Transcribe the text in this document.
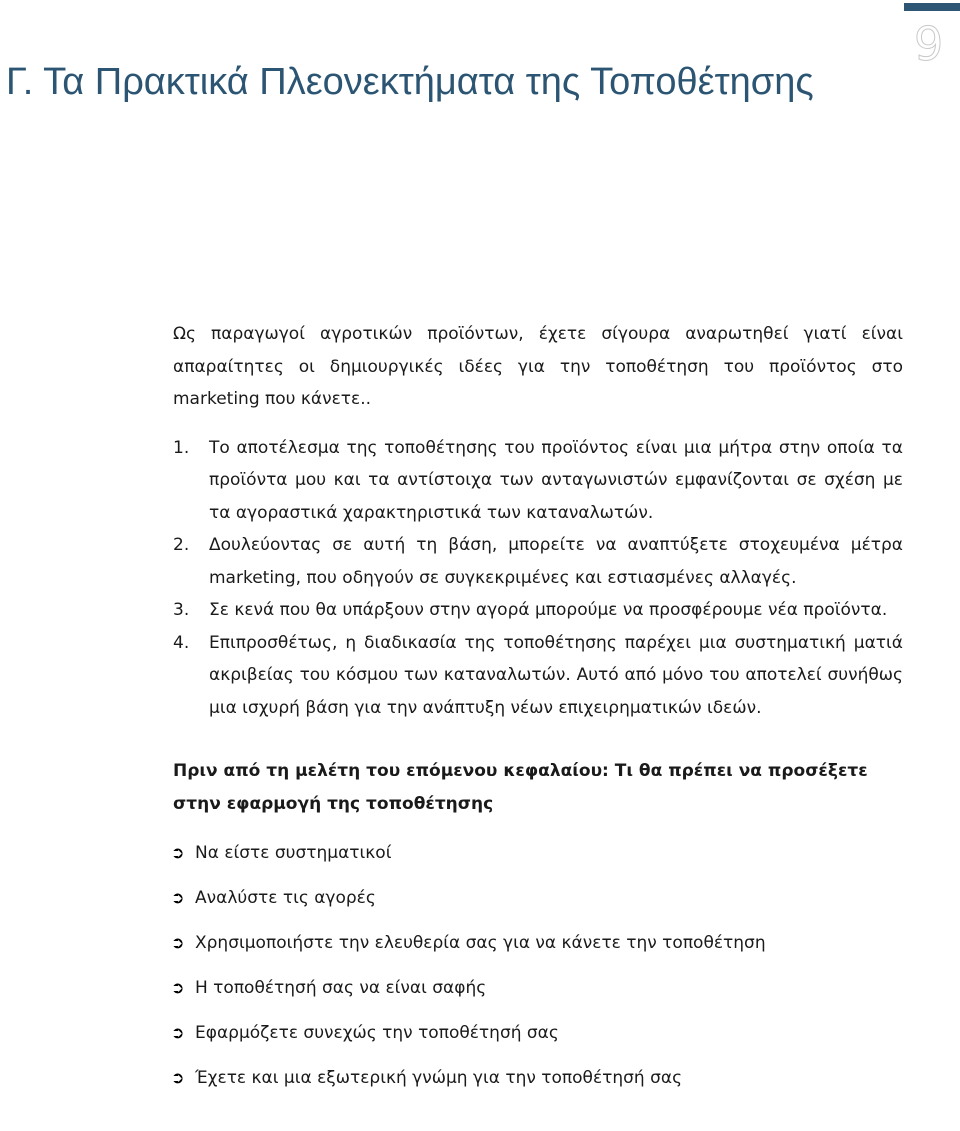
9
Γ. Τα Πρακτικά Πλεονεκτήματα της Τοποθέτησης

Ως παραγωγοί αγροτικών προϊόντων, έχετε σίγουρα αναρωτηθεί γιατί είναι απαραίτητες οι δημιουργικές ιδέες για την τοποθέτηση του προϊόντος στο marketing που κάνετε..

1. Το αποτέλεσμα της τοποθέτησης του προϊόντος είναι μια μήτρα στην οποία τα προϊόντα μου και τα αντίστοιχα των ανταγωνιστών εμφανίζονται σε σχέση με τα αγοραστικά χαρακτηριστικά των καταναλωτών.
2. Δουλεύοντας σε αυτή τη βάση, μπορείτε να αναπτύξετε στοχευμένα μέτρα marketing, που οδηγούν σε συγκεκριμένες και εστιασμένες αλλαγές.
3. Σε κενά που θα υπάρξουν στην αγορά μπορούμε να προσφέρουμε νέα προϊόντα.
4. Επιπροσθέτως, η διαδικασία της τοποθέτησης παρέχει μια συστηματική ματιά ακριβείας του κόσμου των καταναλωτών. Αυτό από μόνο του αποτελεί συνήθως μια ισχυρή βάση για την ανάπτυξη νέων επιχειρηματικών ιδεών.

Πριν από τη μελέτη του επόμενου κεφαλαίου: Τι θα πρέπει να προσέξετε στην εφαρμογή της τοποθέτησης

➲ Να είστε συστηματικοί
➲ Αναλύστε τις αγορές
➲ Χρησιμοποιήστε την ελευθερία σας για να κάνετε την τοποθέτηση
➲ Η τοποθέτησή σας να είναι σαφής
➲ Εφαρμόζετε συνεχώς την τοποθέτησή σας
➲ Έχετε και μια εξωτερική γνώμη για την τοποθέτησή σας
